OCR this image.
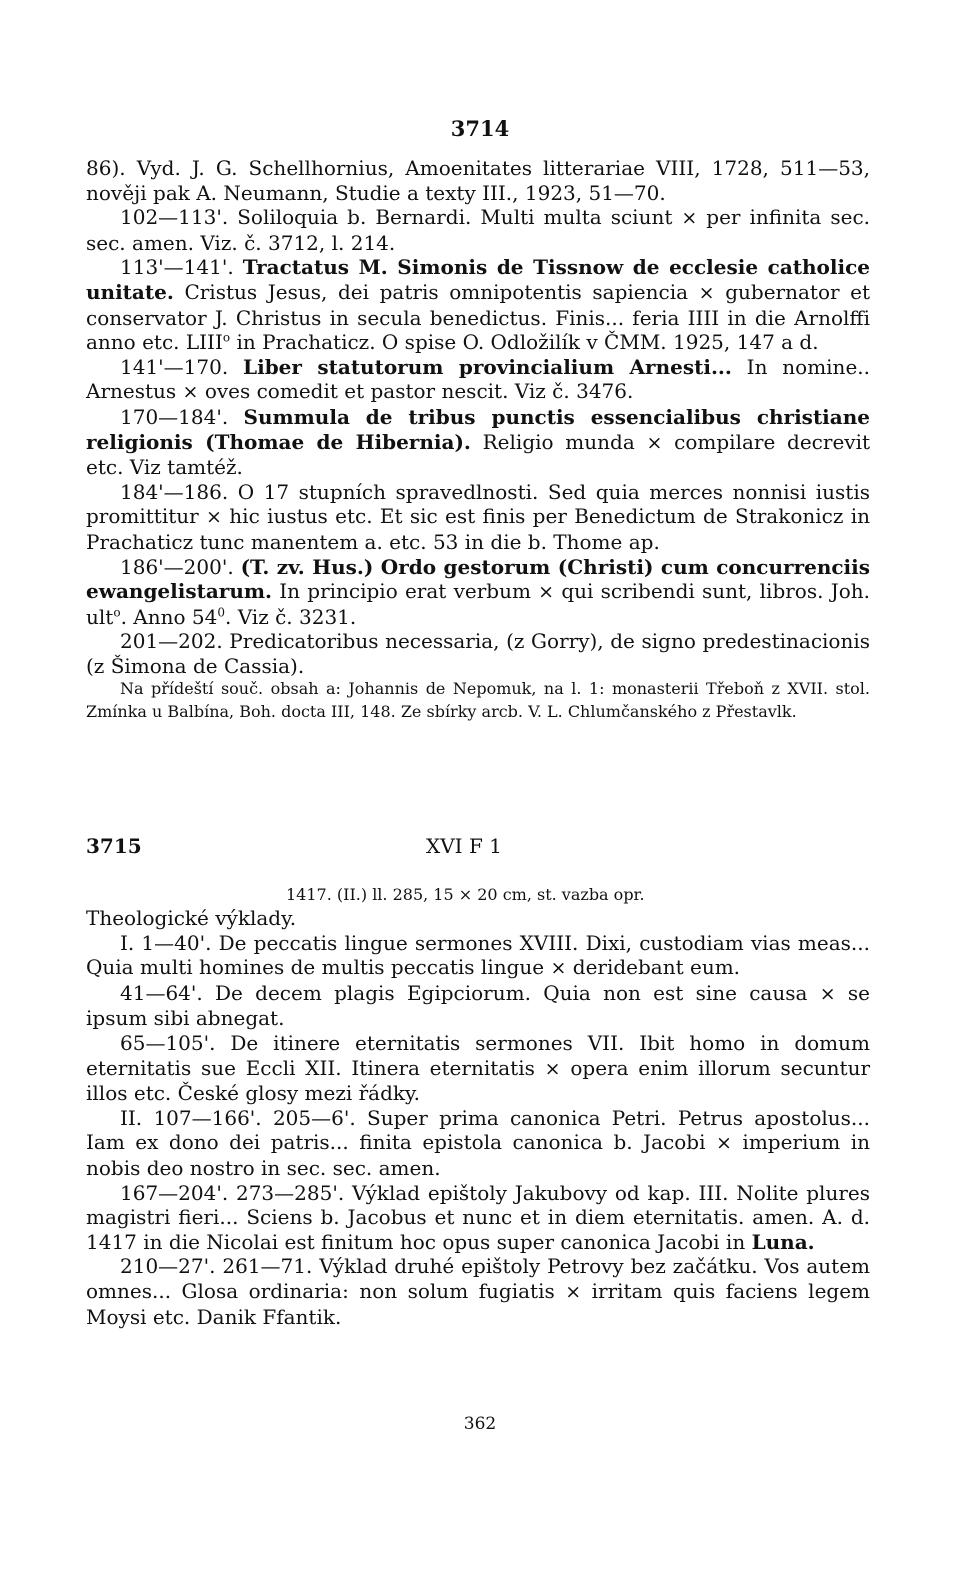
3714

86). Vyd. J. G. Schellhornius, Amoenitates litterariae VIII, 1728, 511—53, nověji pak A. Neumann, Studie a texty III., 1923, 51—70.

102—113'. Soliloquia b. Bernardi. Multi multa sciunt × per infinita sec. sec. amen. Viz. č. 3712, l. 214.

113'—141'. Tractatus M. Simonis de Tissnow de ecclesie catholice unitate. Cristus Jesus, dei patris omnipotentis sapiencia × gubernator et conservator J. Christus in secula benedictus. Finis... feria IIII in die Arnolffi anno etc. LIII$^o$ in Prachaticz. O spise O. Odložilík v ČMM. 1925, 147 a d.

141'—170. Liber statutorum provincialium Arnesti... In nomine.. Arnestus × oves comedit et pastor nescit. Viz č. 3476.

170—184'. Summula de tribus punctis essencialibus christiane religionis (Thomae de Hibernia). Religio munda × compilare decrevit etc. Viz tamtéž.

184'—186. O 17 stupních spravedlnosti. Sed quia merces nonnisi iustis promittitur × hic iustus etc. Et sic est finis per Benedictum de Strakonicz in Prachaticz tunc manentem a. etc. 53 in die b. Thome ap.

186'—200'. (T. zv. Hus.) Ordo gestorum (Christi) cum concurrenciis ewangelistarum. In principio erat verbum × qui scribendi sunt, libros. Joh. ult$^o$. Anno $54^0$. Viz č. 3231.

201—202. Predicatoribus necessaria, (z Gorry), de signo predestinacionis (z Šimona de Cassia).

Na přídeští souč. obsah a: Johannis de Nepomuk, na l. 1: monasterii Třeboň z XVII. stol. Zmínka u Balbína, Boh. docta III, 148. Ze sbírky arcb. V. L. Chlumčanského z Přestavlk.

3715	XVI F 1
1417. (II.) ll. 285, 15 × 20 cm, st. vazba opr.

Theologické výklady.

I. 1—40'. De peccatis lingue sermones XVIII. Dixi, custodiam vias meas... Quia multi homines de multis peccatis lingue × deridebant eum.

41—64'. De decem plagis Egipciorum. Quia non est sine causa × se ipsum sibi abnegat.

65—105'. De itinere eternitatis sermones VII. Ibit homo in domum eternitatis sue Eccli XII. Itinera eternitatis × opera enim illorum secuntur illos etc. České glosy mezi řádky.

II. 107—166'. 205—6'. Super prima canonica Petri. Petrus apostolus... Iam ex dono dei patris... finita epistola canonica b. Jacobi × imperium in nobis deo nostro in sec. sec. amen.

167—204'. 273—285'. Výklad epištoly Jakubovy od kap. III. Nolite plures magistri fieri... Sciens b. Jacobus et nunc et in diem eternitatis. amen. A. d. 1417 in die Nicolai est finitum hoc opus super canonica Jacobi in Luna.

210—27'. 261—71. Výklad druhé epištoly Petrovy bez začátku. Vos autem omnes... Glosa ordinaria: non solum fugiatis × irritam quis faciens legem Moysi etc. Danik Ffantik.

362
